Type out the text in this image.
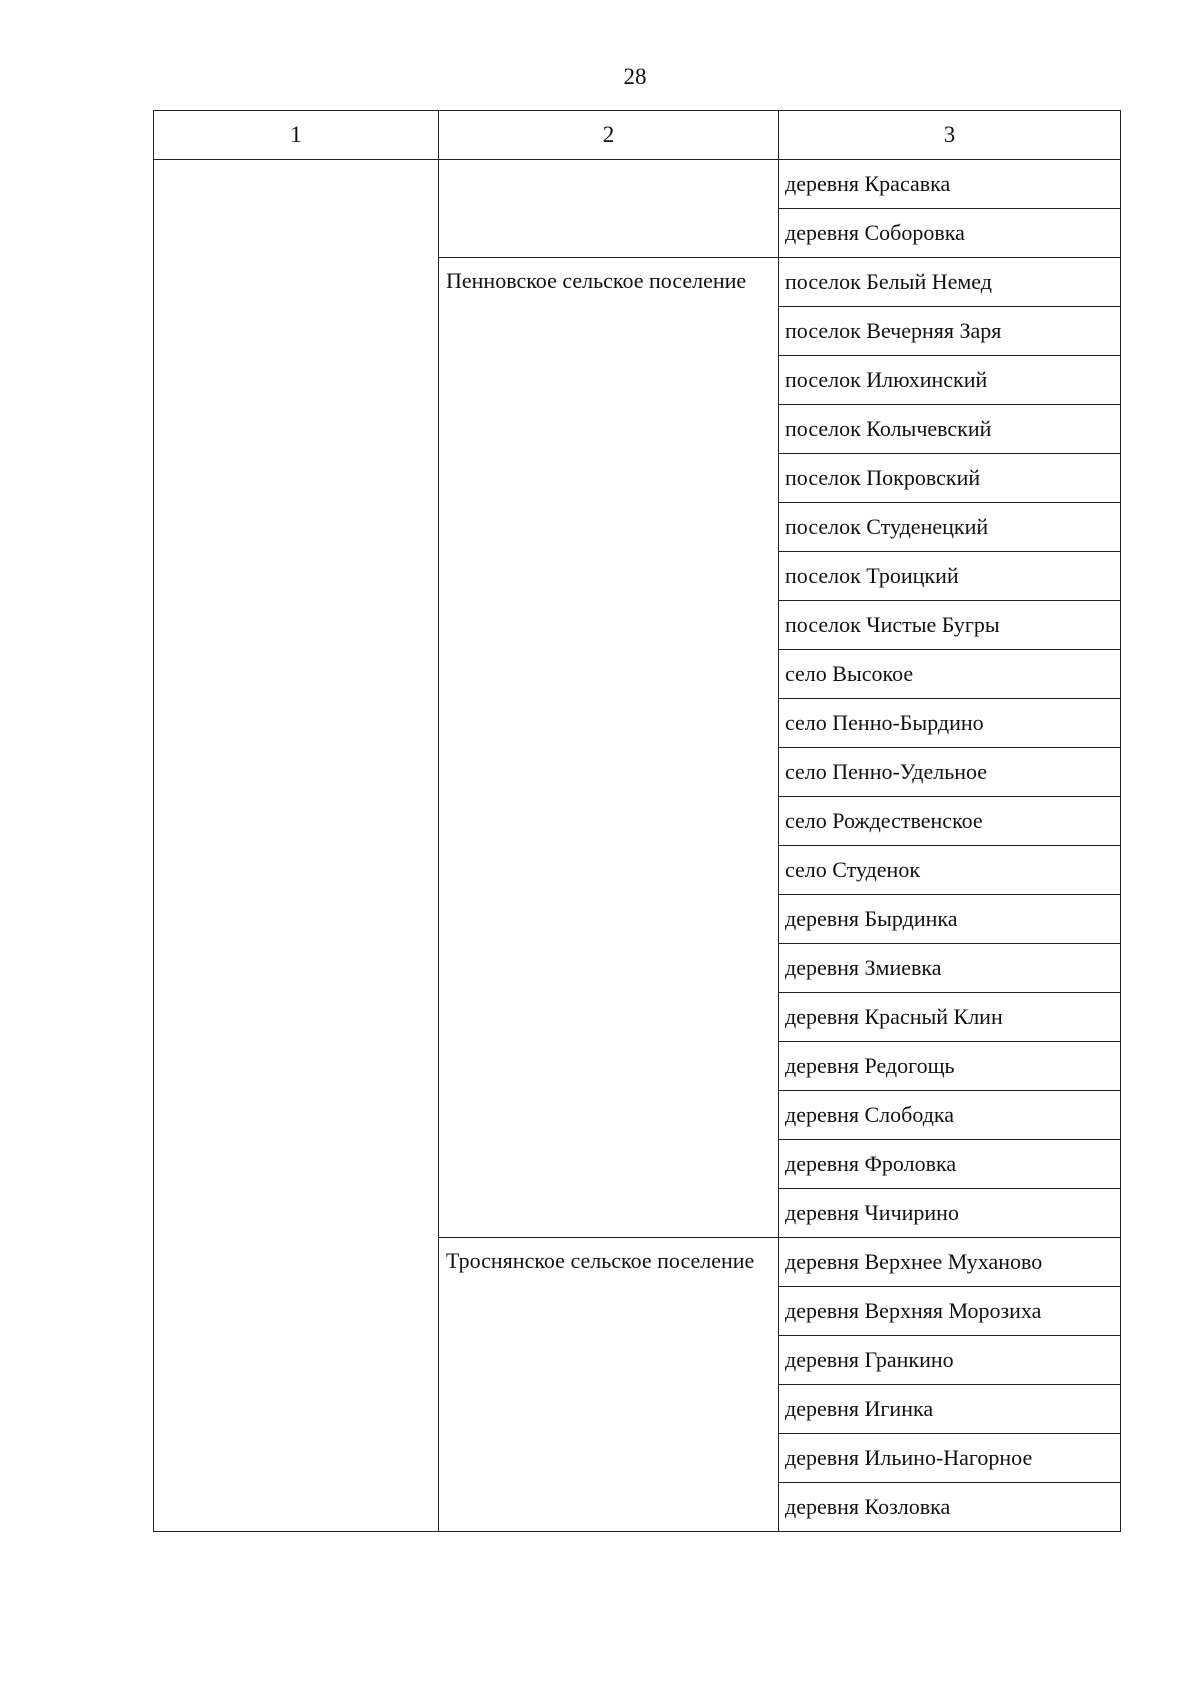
28
1	2	3
		деревня Красавка
		деревня Соборовка
	Пенновское сельское поселение	поселок Белый Немед
		поселок Вечерняя Заря
		поселок Илюхинский
		поселок Колычевский
		поселок Покровский
		поселок Студенецкий
		поселок Троицкий
		поселок Чистые Бугры
		село Высокое
		село Пенно-Бырдино
		село Пенно-Удельное
		село Рождественское
		село Студенок
		деревня Бырдинка
		деревня Змиевка
		деревня Красный Клин
		деревня Редогощь
		деревня Слободка
		деревня Фроловка
		деревня Чичирино
	Троснянское сельское поселение	деревня Верхнее Муханово
		деревня Верхняя Морозиха
		деревня Гранкино
		деревня Игинка
		деревня Ильино-Нагорное
		деревня Козловка
